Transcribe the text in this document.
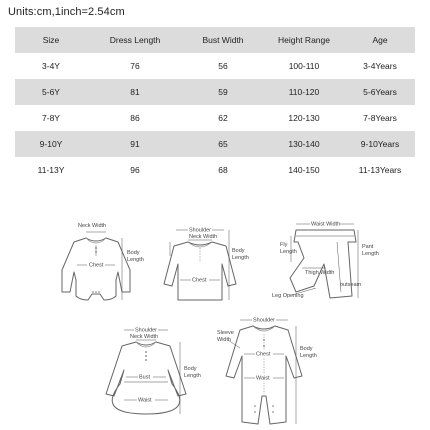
Units:cm,1inch=2.54cm
Size	Dress Length	Bust Width	Height Range	Age
3-4Y	76	56	100-110	3-4Years
5-6Y	81	59	110-120	5-6Years
7-8Y	86	62	120-130	7-8Years
9-10Y	91	65	130-140	9-10Years
11-13Y	96	68	140-150	11-13Years
Neck Width
Chest
Body
Length
Shoulder
Neck Width
Chest
Body
Length
Waist Width
Fly
Length
Thigh Width
Pant
Length
outseam
Leg Opening
Shoulder
Neck Width
Bust
Waist
Body
Length
Shoulder
Sleeve
Width
Chest
Waist
Body
Length
